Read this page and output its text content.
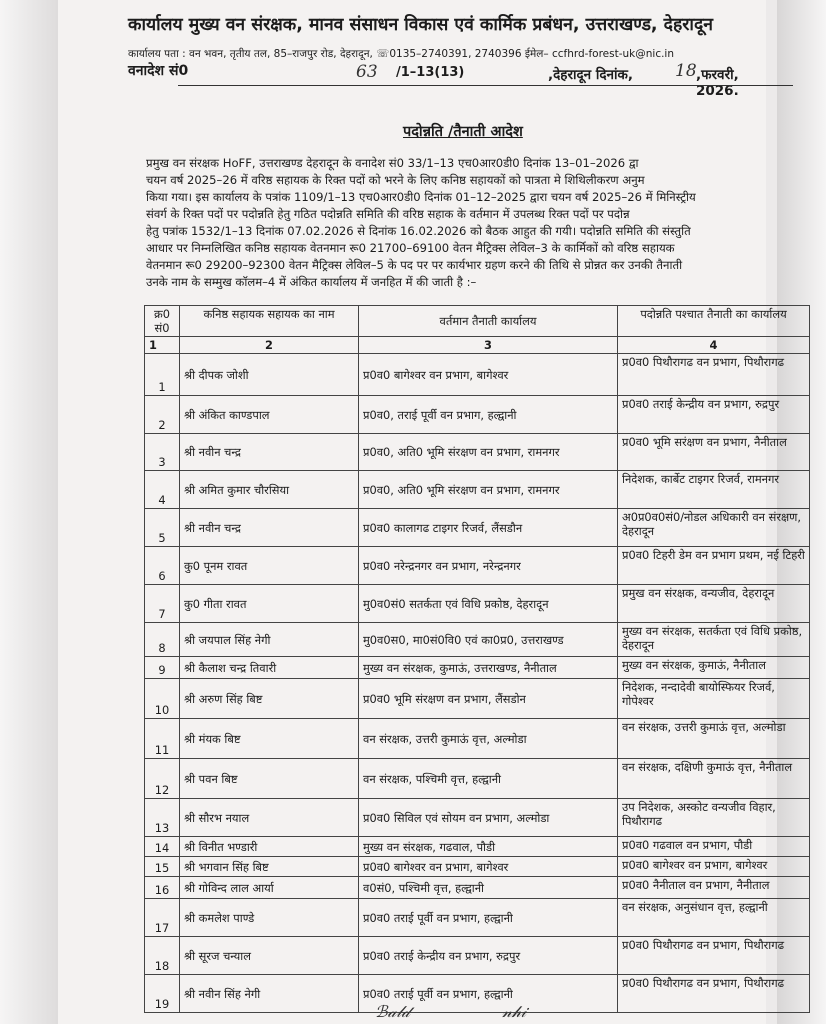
कार्यालय मुख्य वन संरक्षक, मानव संसाधन विकास एवं कार्मिक प्रबंधन, उत्तराखण्ड, देहरादून
कार्यालय पता : वन भवन, तृतीय तल, 85–राजपुर रोड, देहरादून, ☏0135–2740391, 2740396 ईमेल– ccfhrd-forest-uk@nic.in
वनादेश सं0	63 /1–13(13)	,देहरादून दिनांक, 18 ,फरवरी, 2026.
पदोन्नति /तैनाती आदेश
प्रमुख वन संरक्षक HoFF, उत्तराखण्ड देहरादून के वनादेश सं0 33/1–13 एच0आर0डी0 दिनांक 13–01–2026 द्वा
चयन वर्ष 2025–26 में वरिष्ठ सहायक के रिक्त पदों को भरने के लिए कनिष्ठ सहायकों को पात्रता मे शिथिलीकरण अनुम
किया गया। इस कार्यालय के पत्रांक 1109/1–13 एच0आर0डी0 दिनांक 01–12–2025 द्वारा चयन वर्ष 2025–26 में मिनिस्ट्रीय
संवर्ग के रिक्त पदों पर पदोन्नति हेतु गठित पदोन्नति समिति की वरिष्ठ सहाक के वर्तमान में उपलब्ध रिक्त पदों पर पदोन्न
हेतु पत्रांक 1532/1–13 दिनांक 07.02.2026 से दिनांक 16.02.2026 को बैठक आहुत की गयी। पदोन्नति समिति की संस्तुति
आधार पर निम्नलिखित कनिष्ठ सहायक वेतनमान रू0 21700–69100 वेतन मैट्रिक्स लेविल–3 के कार्मिकों को वरिष्ठ सहायक
वेतनमान रू0 29200–92300 वेतन मैट्रिक्स लेविल–5 के पद पर पर कार्यभार ग्रहण करने की तिथि से प्रोन्नत कर उनकी तैनाती
उनके नाम के सम्मुख कॉलम–4 में अंकित कार्यालय में जनहित में की जाती है :–
क्र0 सं0	कनिष्ठ सहायक सहायक का नाम	वर्तमान तैनाती कार्यालय	पदोन्नति पश्चात तैनाती का कार्यालय
1	2	3	4
1	श्री दीपक जोशी	प्र0व0 बागेश्वर वन प्रभाग, बागेश्वर	प्र0व0 पिथौरागढ वन प्रभाग, पिथौरागढ
2	श्री अंकित काण्डपाल	प्र0व0, तराई पूर्वी वन प्रभाग, हल्द्वानी	प्र0व0 तराई केन्द्रीय वन प्रभाग, रुद्रपुर
3	श्री नवीन चन्द्र	प्र0व0, अति0 भूमि संरक्षण वन प्रभाग, रामनगर	प्र0व0 भूमि सरंक्षण वन प्रभाग, नैनीताल
4	श्री अमित कुमार चौरसिया	प्र0व0, अति0 भूमि संरक्षण वन प्रभाग, रामनगर	निदेशक, कार्बेट टाइगर रिजर्व, रामनगर
5	श्री नवीन चन्द्र	प्र0व0 कालागढ टाइगर रिजर्व, लैंसडौन	अ0प्र0व0सं0/नोडल अधिकारी वन संरक्षण, देहरादून
6	कु0 पूनम रावत	प्र0व0 नरेन्द्रनगर वन प्रभाग, नरेन्द्रनगर	प्र0व0 टिहरी डेम वन प्रभाग प्रथम, नई टिहरी
7	कु0 गीता रावत	मु0व0सं0 सतर्कता एवं विधि प्रकोष्ठ, देहरादून	प्रमुख वन संरक्षक, वन्यजीव, देहरादून
8	श्री जयपाल सिंह नेगी	मु0व0स0, मा0सं0वि0 एवं का0प्र0, उत्तराखण्ड	मुख्य वन संरक्षक, सतर्कता एवं विधि प्रकोष्ठ, देहरादून
9	श्री कैलाश चन्द्र तिवारी	मुख्य वन संरक्षक, कुमाऊं, उत्तराखण्ड, नैनीताल	मुख्य वन संरक्षक, कुमाऊं, नैनीताल
10	श्री अरुण सिंह बिष्ट	प्र0व0 भूमि संरक्षण वन प्रभाग, लैंसडोन	निदेशक, नन्दादेवी बायोस्फियर रिजर्व, गोपेश्वर
11	श्री मंयक बिष्ट	वन संरक्षक, उत्तरी कुमाऊं वृत्त, अल्मोडा	वन संरक्षक, उत्तरी कुमाऊं वृत्त, अल्मोडा
12	श्री पवन बिष्ट	वन संरक्षक, पश्चिमी वृत्त, हल्द्वानी	वन संरक्षक, दक्षिणी कुमाऊं वृत्त, नैनीताल
13	श्री सौरभ नयाल	प्र0व0 सिविल एवं सोयम वन प्रभाग, अल्मोडा	उप निदेशक, अस्कोट वन्यजीव विहार, पिथौरागढ
14	श्री विनीत भण्डारी	मुख्य वन संरक्षक, गढवाल, पौडी	प्र0व0 गढवाल वन प्रभाग, पौडी
15	श्री भगवान सिंह बिष्ट	प्र0व0 बागेश्वर वन प्रभाग, बागेश्वर	प्र0व0 बागेश्वर वन प्रभाग, बागेश्वर
16	श्री गोविन्द लाल आर्या	व0सं0, पश्चिमी वृत्त, हल्द्वानी	प्र0व0 नैनीताल वन प्रभाग, नैनीताल
17	श्री कमलेश पाण्डे	प्र0व0 तराई पूर्वी वन प्रभाग, हल्द्वानी	वन संरक्षक, अनुसंधान वृत्त, हल्द्वानी
18	श्री सूरज चन्याल	प्र0व0 तराई केन्द्रीय वन प्रभाग, रुद्रपुर	प्र0व0 पिथौरागढ वन प्रभाग, पिथौरागढ
19	श्री नवीन सिंह नेगी	प्र0व0 तराई पूर्वी वन प्रभाग, हल्द्वानी	प्र0व0 पिथौरागढ वन प्रभाग, पिथौरागढ
ℬ𝒶𝓁𝒹	𝓃𝒽𝒾
